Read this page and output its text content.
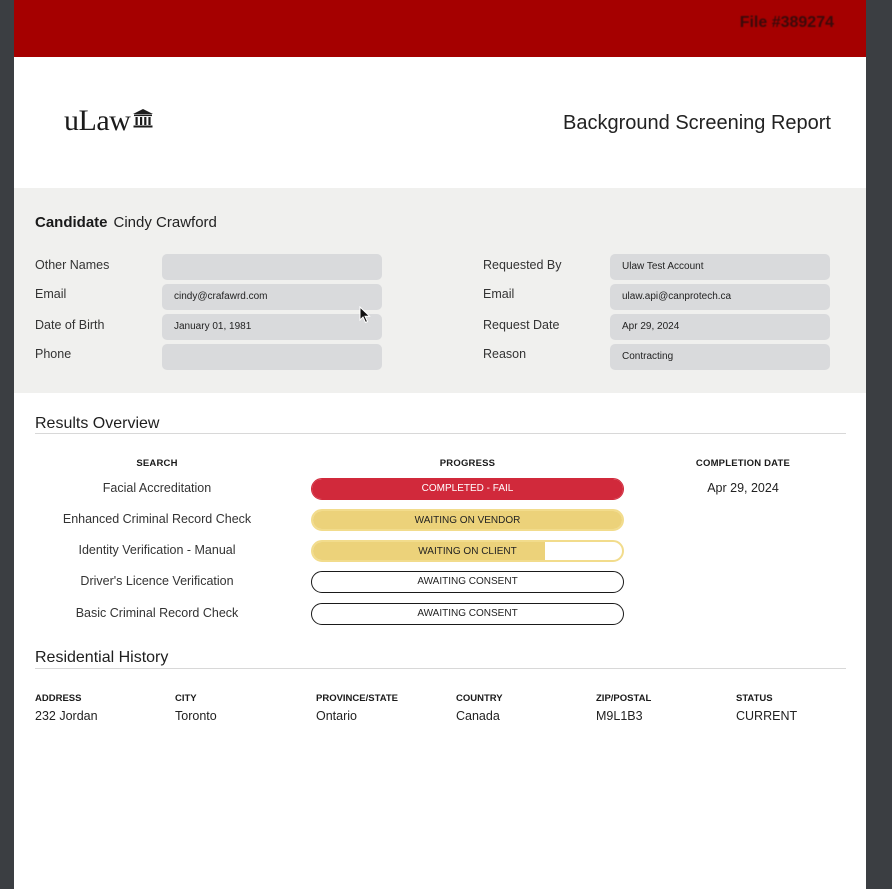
File #389274
uLaw	Background Screening Report
Candidate Cindy Crawford
Other Names
Email	cindy@crafawrd.com
Date of Birth	January 01, 1981
Phone
Requested By	Ulaw Test Account
Email	ulaw.api@canprotech.ca
Request Date	Apr 29, 2024
Reason	Contracting
Results Overview
SEARCH	PROGRESS	COMPLETION DATE
Residential History
ADDRESS	CITY	PROVINCE/STATE	COUNTRY	ZIP/POSTAL	STATUS
232 Jordan	Toronto	Ontario	Canada	M9L1B3	CURRENT
Facial Accreditation	COMPLETED - FAIL	Apr 29, 2024
Enhanced Criminal Record Check	WAITING ON VENDOR
Identity Verification - Manual	WAITING ON CLIENT
Driver's Licence Verification	AWAITING CONSENT
Basic Criminal Record Check	AWAITING CONSENT
